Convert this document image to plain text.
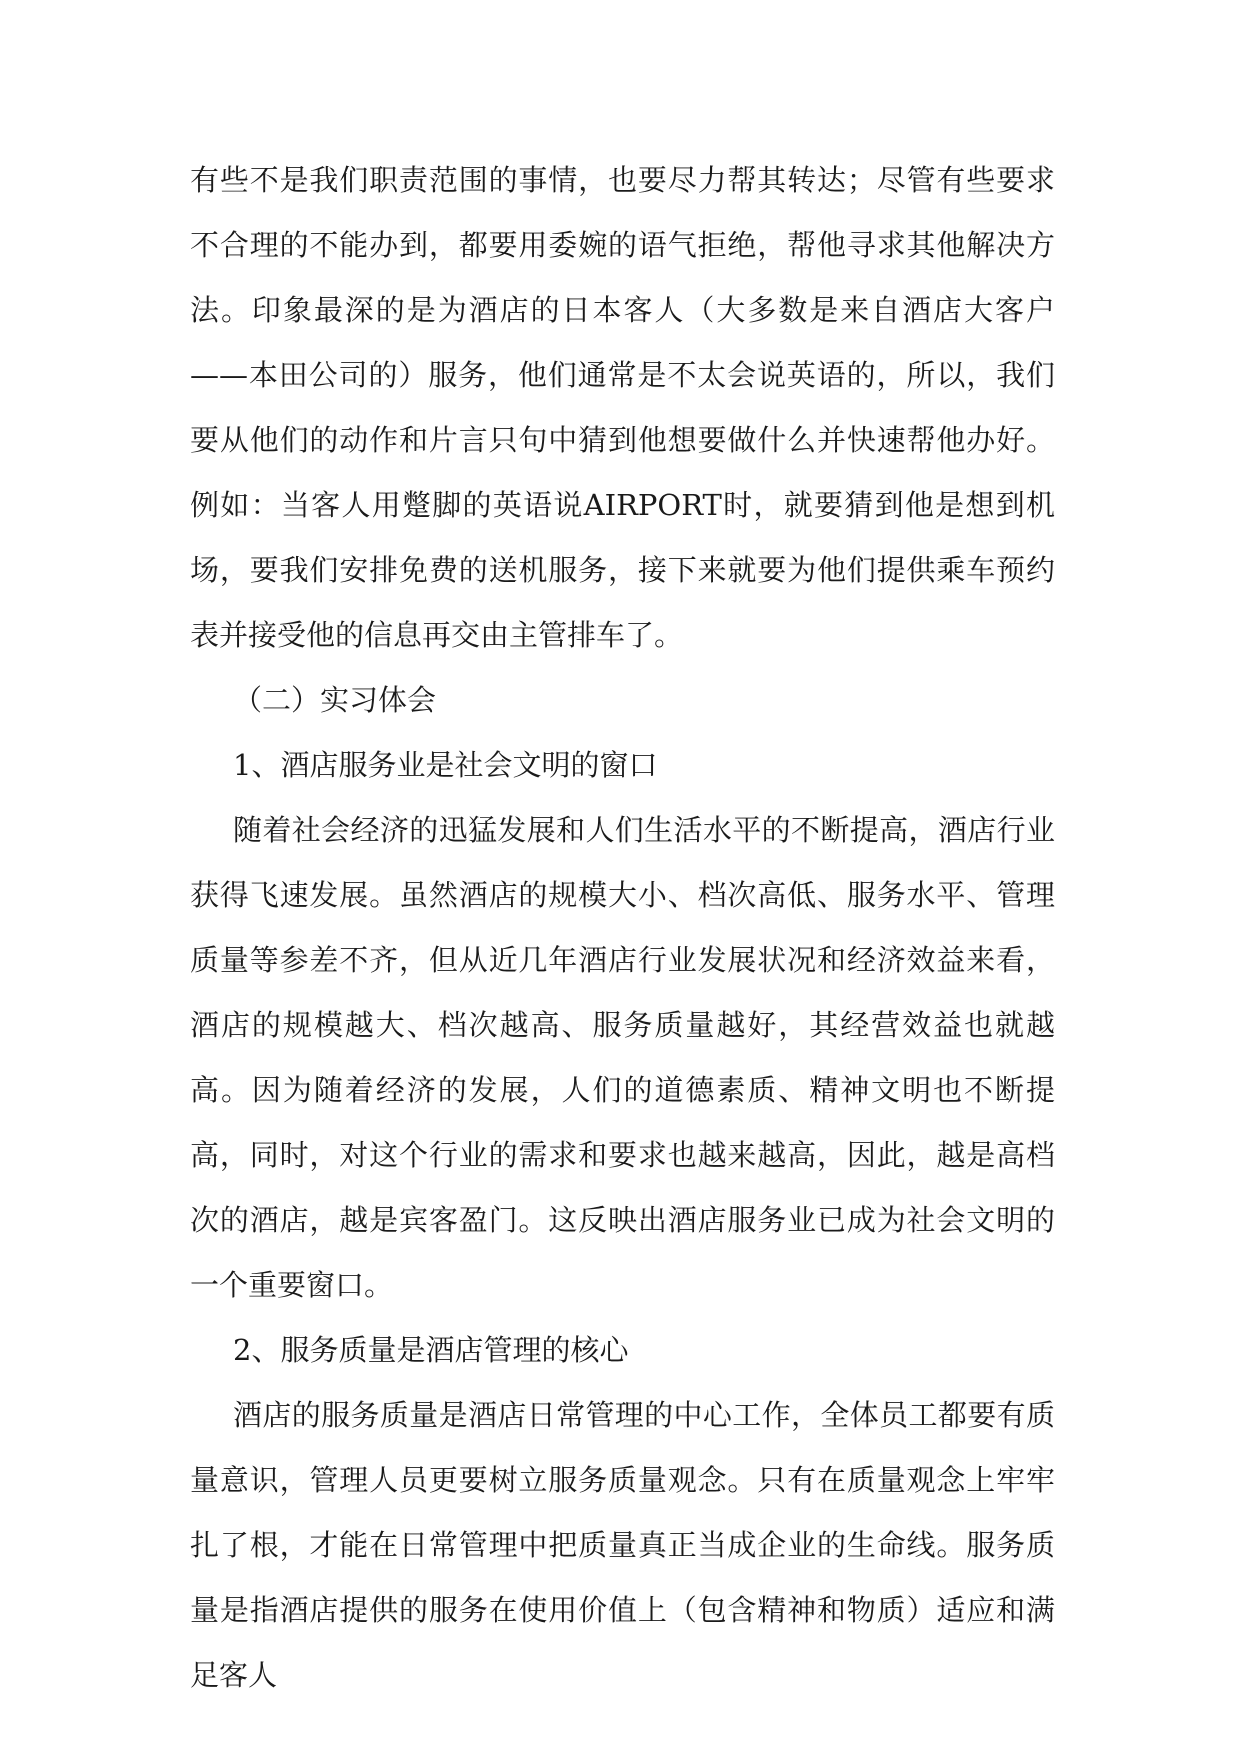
有些不是我们职责范围的事情，也要尽力帮其转达；尽管有些要求不合理的不能办到，都要用委婉的语气拒绝，帮他寻求其他解决方法。印象最深的是为酒店的日本客人（大多数是来自酒店大客户——本田公司的）服务，他们通常是不太会说英语的，所以，我们要从他们的动作和片言只句中猜到他想要做什么并快速帮他办好。例如：当客人用蹩脚的英语说AIRPORT时，就要猜到他是想到机场，要我们安排免费的送机服务，接下来就要为他们提供乘车预约表并接受他的信息再交由主管排车了。

（二）实习体会

1、酒店服务业是社会文明的窗口

随着社会经济的迅猛发展和人们生活水平的不断提高，酒店行业获得飞速发展。虽然酒店的规模大小、档次高低、服务水平、管理质量等参差不齐，但从近几年酒店行业发展状况和经济效益来看，酒店的规模越大、档次越高、服务质量越好，其经营效益也就越高。因为随着经济的发展，人们的道德素质、精神文明也不断提高，同时，对这个行业的需求和要求也越来越高，因此，越是高档次的酒店，越是宾客盈门。这反映出酒店服务业已成为社会文明的一个重要窗口。

2、服务质量是酒店管理的核心

酒店的服务质量是酒店日常管理的中心工作，全体员工都要有质量意识，管理人员更要树立服务质量观念。只有在质量观念上牢牢扎了根，才能在日常管理中把质量真正当成企业的生命线。服务质量是指酒店提供的服务在使用价值上（包含精神和物质）适应和满足客人
